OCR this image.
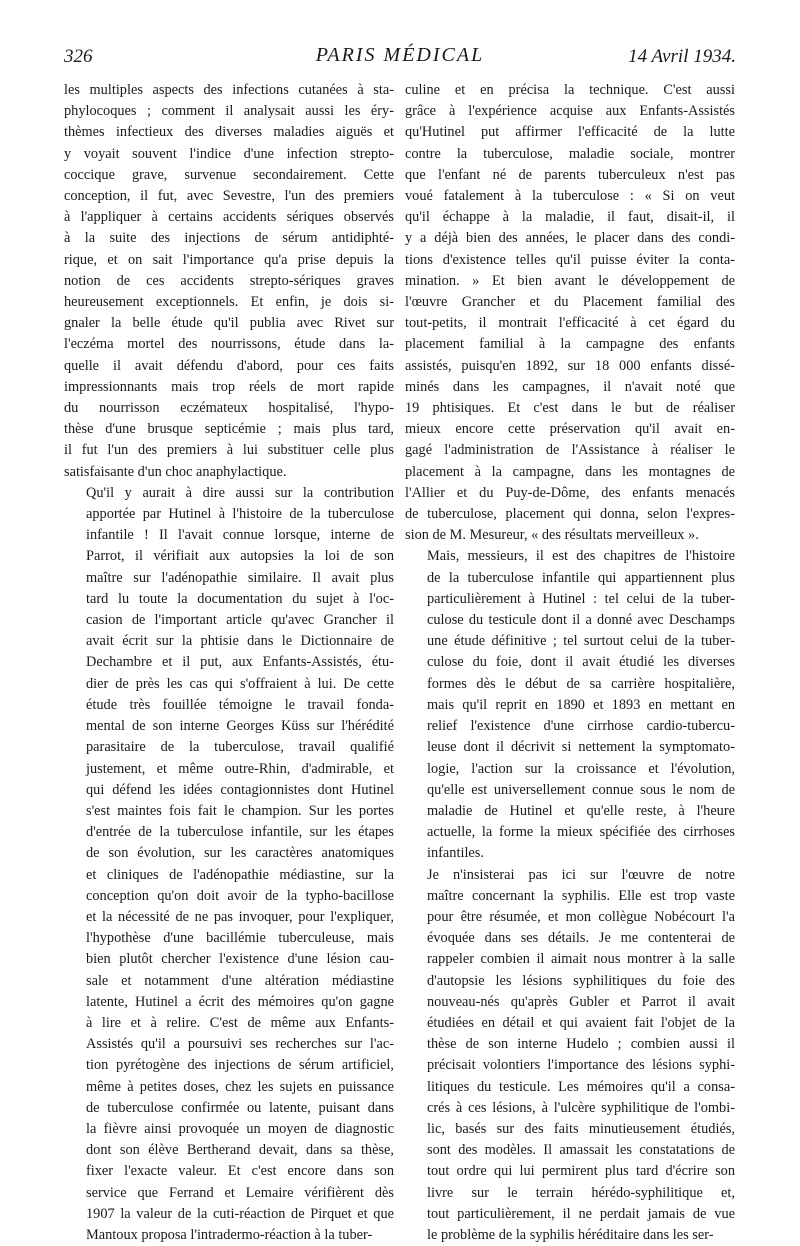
326	PARIS MÉDICAL	14 Avril 1934.

les multiples aspects des infections cutanées à sta-
phylocoques ; comment il analysait aussi les éry-
thèmes infectieux des diverses maladies aiguës et
y voyait souvent l'indice d'une infection strepto-
coccique grave, survenue secondairement. Cette
conception, il fut, avec Sevestre, l'un des premiers
à l'appliquer à certains accidents sériques observés
à la suite des injections de sérum antidiphté-
rique, et on sait l'importance qu'a prise depuis la
notion de ces accidents strepto-sériques graves
heureusement exceptionnels. Et enfin, je dois si-
gnaler la belle étude qu'il publia avec Rivet sur
l'eczéma mortel des nourrissons, étude dans la-
quelle il avait défendu d'abord, pour ces faits
impressionnants mais trop réels de mort rapide
du nourrisson eczémateux hospitalisé, l'hypo-
thèse d'une brusque septicémie ; mais plus tard,
il fut l'un des premiers à lui substituer celle plus
satisfaisante d'un choc anaphylactique.

Qu'il y aurait à dire aussi sur la contribution
apportée par Hutinel à l'histoire de la tuberculose
infantile ! Il l'avait connue lorsque, interne de
Parrot, il vérifiait aux autopsies la loi de son
maître sur l'adénopathie similaire. Il avait plus
tard lu toute la documentation du sujet à l'oc-
casion de l'important article qu'avec Grancher il
avait écrit sur la phtisie dans le Dictionnaire de
Dechambre et il put, aux Enfants-Assistés, étu-
dier de près les cas qui s'offraient à lui. De cette
étude très fouillée témoigne le travail fonda-
mental de son interne Georges Küss sur l'hérédité
parasitaire de la tuberculose, travail qualifié
justement, et même outre-Rhin, d'admirable, et
qui défend les idées contagionnistes dont Hutinel
s'est maintes fois fait le champion. Sur les portes
d'entrée de la tuberculose infantile, sur les étapes
de son évolution, sur les caractères anatomiques
et cliniques de l'adénopathie médiastine, sur la
conception qu'on doit avoir de la typho-bacillose
et la nécessité de ne pas invoquer, pour l'expliquer,
l'hypothèse d'une bacillémie tuberculeuse, mais
bien plutôt chercher l'existence d'une lésion cau-
sale et notamment d'une altération médiastine
latente, Hutinel a écrit des mémoires qu'on gagne
à lire et à relire. C'est de même aux Enfants-
Assistés qu'il a poursuivi ses recherches sur l'ac-
tion pyrétogène des injections de sérum artificiel,
même à petites doses, chez les sujets en puissance
de tuberculose confirmée ou latente, puisant dans
la fièvre ainsi provoquée un moyen de diagnostic
dont son élève Bertherand devait, dans sa thèse,
fixer l'exacte valeur. Et c'est encore dans son
service que Ferrand et Lemaire vérifièrent dès
1907 la valeur de la cuti-réaction de Pirquet et que
Mantoux proposa l'intradermo-réaction à la tuber-

culine et en précisa la technique. C'est aussi
grâce à l'expérience acquise aux Enfants-Assistés
qu'Hutinel put affirmer l'efficacité de la lutte
contre la tuberculose, maladie sociale, montrer
que l'enfant né de parents tuberculeux n'est pas
voué fatalement à la tuberculose : « Si on veut
qu'il échappe à la maladie, il faut, disait-il, il
y a déjà bien des années, le placer dans des condi-
tions d'existence telles qu'il puisse éviter la conta-
mination. » Et bien avant le développement de
l'œuvre Grancher et du Placement familial des
tout-petits, il montrait l'efficacité à cet égard du
placement familial à la campagne des enfants
assistés, puisqu'en 1892, sur 18 000 enfants dissé-
minés dans les campagnes, il n'avait noté que
19 phtisiques. Et c'est dans le but de réaliser
mieux encore cette préservation qu'il avait en-
gagé l'administration de l'Assistance à réaliser le
placement à la campagne, dans les montagnes de
l'Allier et du Puy-de-Dôme, des enfants menacés
de tuberculose, placement qui donna, selon l'expres-
sion de M. Mesureur, « des résultats merveilleux ».

Mais, messieurs, il est des chapitres de l'histoire
de la tuberculose infantile qui appartiennent plus
particulièrement à Hutinel : tel celui de la tuber-
culose du testicule dont il a donné avec Deschamps
une étude définitive ; tel surtout celui de la tuber-
culose du foie, dont il avait étudié les diverses
formes dès le début de sa carrière hospitalière,
mais qu'il reprit en 1890 et 1893 en mettant en
relief l'existence d'une cirrhose cardio-tubercu-
leuse dont il décrivit si nettement la symptomato-
logie, l'action sur la croissance et l'évolution,
qu'elle est universellement connue sous le nom de
maladie de Hutinel et qu'elle reste, à l'heure
actuelle, la forme la mieux spécifiée des cirrhoses
infantiles.

Je n'insisterai pas ici sur l'œuvre de notre
maître concernant la syphilis. Elle est trop vaste
pour être résumée, et mon collègue Nobécourt l'a
évoquée dans ses détails. Je me contenterai de
rappeler combien il aimait nous montrer à la salle
d'autopsie les lésions syphilitiques du foie des
nouveau-nés qu'après Gubler et Parrot il avait
étudiées en détail et qui avaient fait l'objet de la
thèse de son interne Hudelo ; combien aussi il
précisait volontiers l'importance des lésions syphi-
litiques du testicule. Les mémoires qu'il a consa-
crés à ces lésions, à l'ulcère syphilitique de l'ombi-
lic, basés sur des faits minutieusement étudiés,
sont des modèles. Il amassait les constatations de
tout ordre qui lui permirent plus tard d'écrire son
livre sur le terrain hérédo-syphilitique et,
tout particulièrement, il ne perdait jamais de vue
le problème de la syphilis héréditaire dans les ser-
